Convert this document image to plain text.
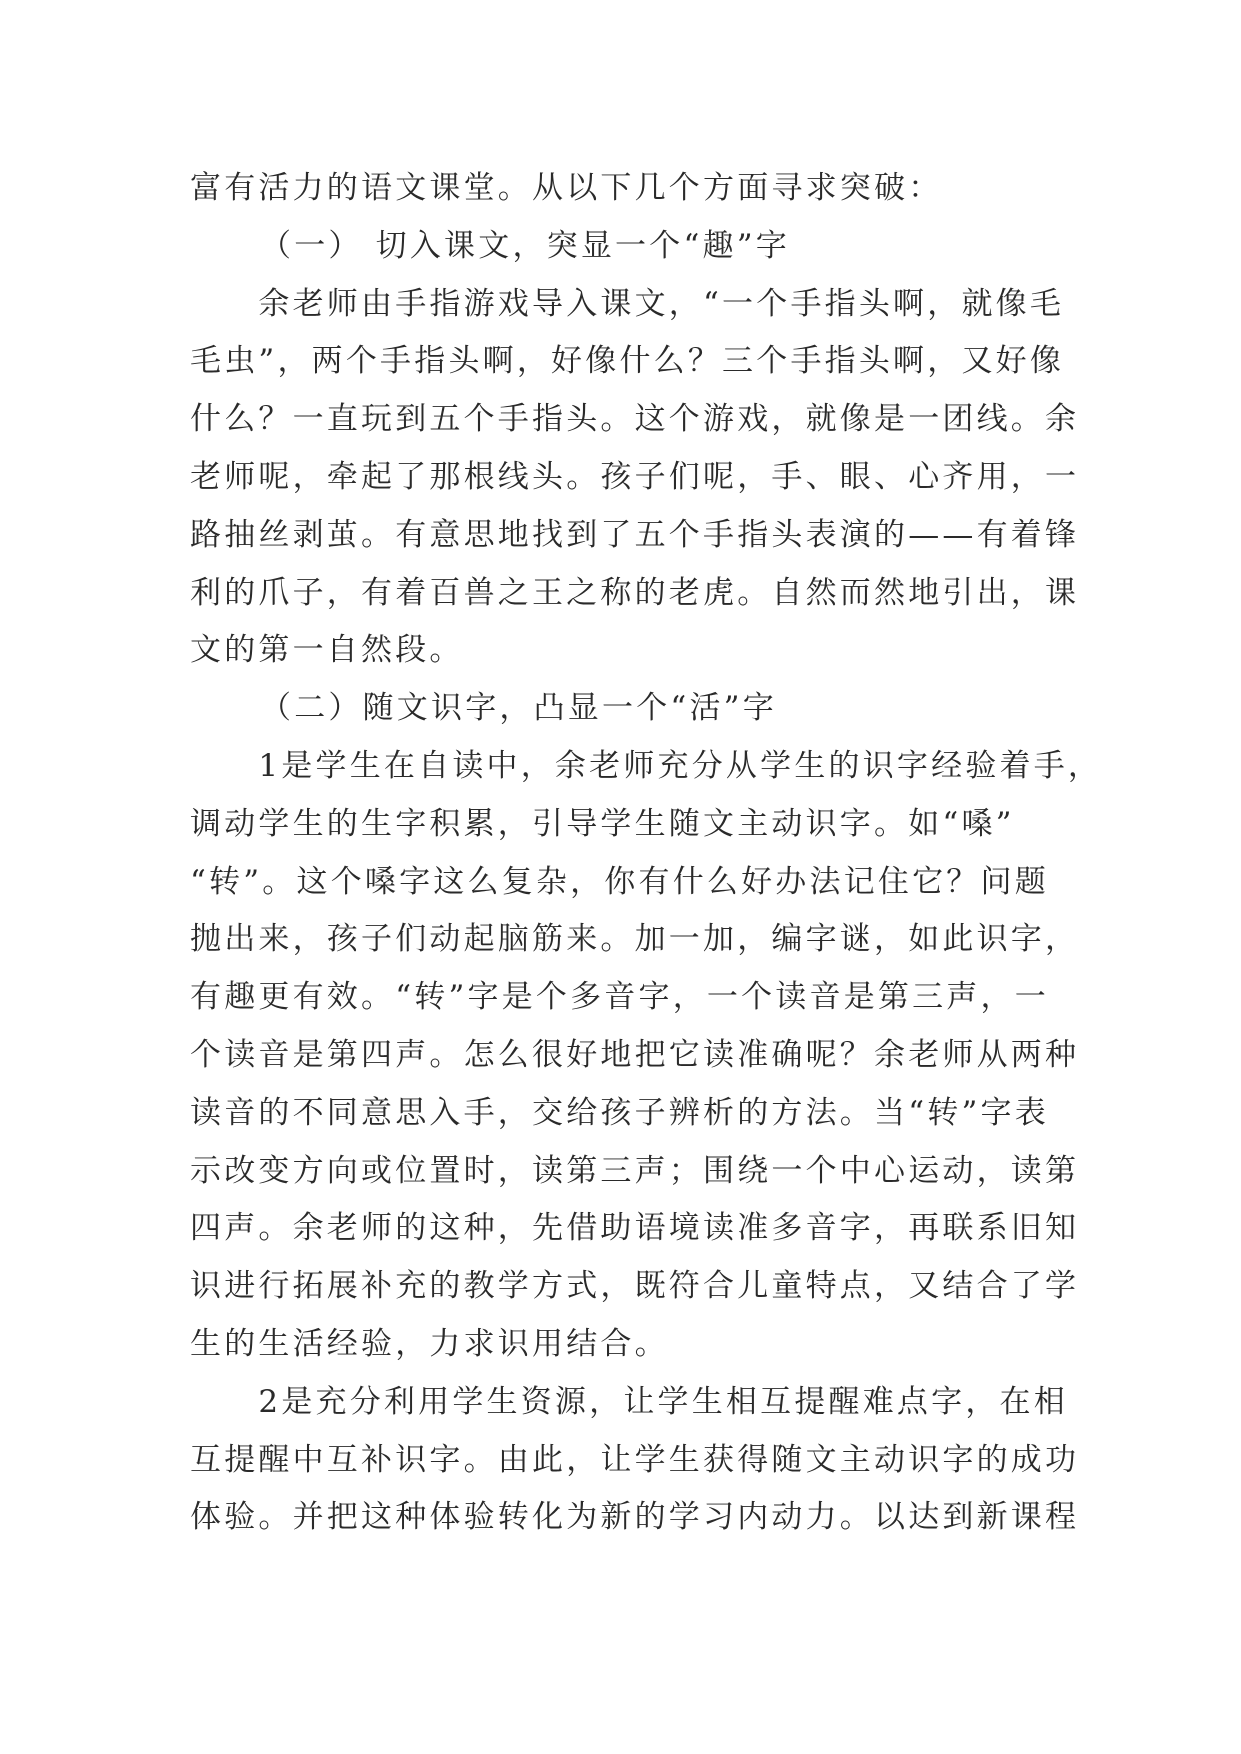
富有活力的语文课堂。从以下几个方面寻求突破：
（一） 切入课文，突显一个“趣”字
　　余老师由手指游戏导入课文，“一个手指头啊，就像毛
毛虫”，两个手指头啊，好像什么？三个手指头啊，又好像
什么？一直玩到五个手指头。这个游戏，就像是一团线。余
老师呢，牵起了那根线头。孩子们呢，手、眼、心齐用，一
路抽丝剥茧。有意思地找到了五个手指头表演的——有着锋
利的爪子，有着百兽之王之称的老虎。自然而然地引出，课
文的第一自然段。
（二）随文识字，凸显一个“活”字
　　1是学生在自读中，余老师充分从学生的识字经验着手，
调动学生的生字积累，引导学生随文主动识字。如“嗓”
“转”。这个嗓字这么复杂，你有什么好办法记住它？问题
抛出来，孩子们动起脑筋来。加一加，编字谜，如此识字，
有趣更有效。“转”字是个多音字，一个读音是第三声，一
个读音是第四声。怎么很好地把它读准确呢？余老师从两种
读音的不同意思入手，交给孩子辨析的方法。当“转”字表
示改变方向或位置时，读第三声；围绕一个中心运动，读第
四声。余老师的这种，先借助语境读准多音字，再联系旧知
识进行拓展补充的教学方式，既符合儿童特点，又结合了学
生的生活经验，力求识用结合。
　　2是充分利用学生资源，让学生相互提醒难点字，在相
互提醒中互补识字。由此，让学生获得随文主动识字的成功
体验。并把这种体验转化为新的学习内动力。以达到新课程
